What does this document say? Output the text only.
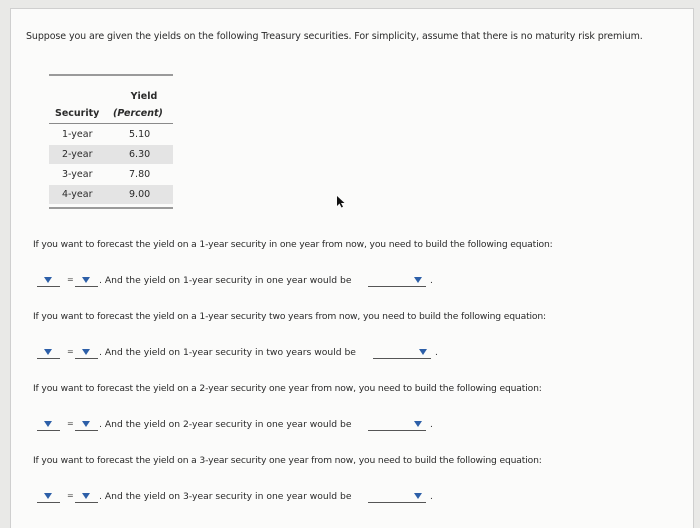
Suppose you are given the yields on the following Treasury securities. For simplicity, assume that there is no maturity risk premium.
Yield
Security (Percent)
1-year	5.10
2-year	6.30
3-year	7.80
4-year	9.00
If you want to forecast the yield on a 1-year security in one year from now, you need to build the following equation:
=	. And the yield on 1-year security in one year would be	.
If you want to forecast the yield on a 1-year security two years from now, you need to build the following equation:
=	. And the yield on 1-year security in two years would be	.
If you want to forecast the yield on a 2-year security one year from now, you need to build the following equation:
=	. And the yield on 2-year security in one year would be	.
If you want to forecast the yield on a 3-year security one year from now, you need to build the following equation:
=	. And the yield on 3-year security in one year would be	.
